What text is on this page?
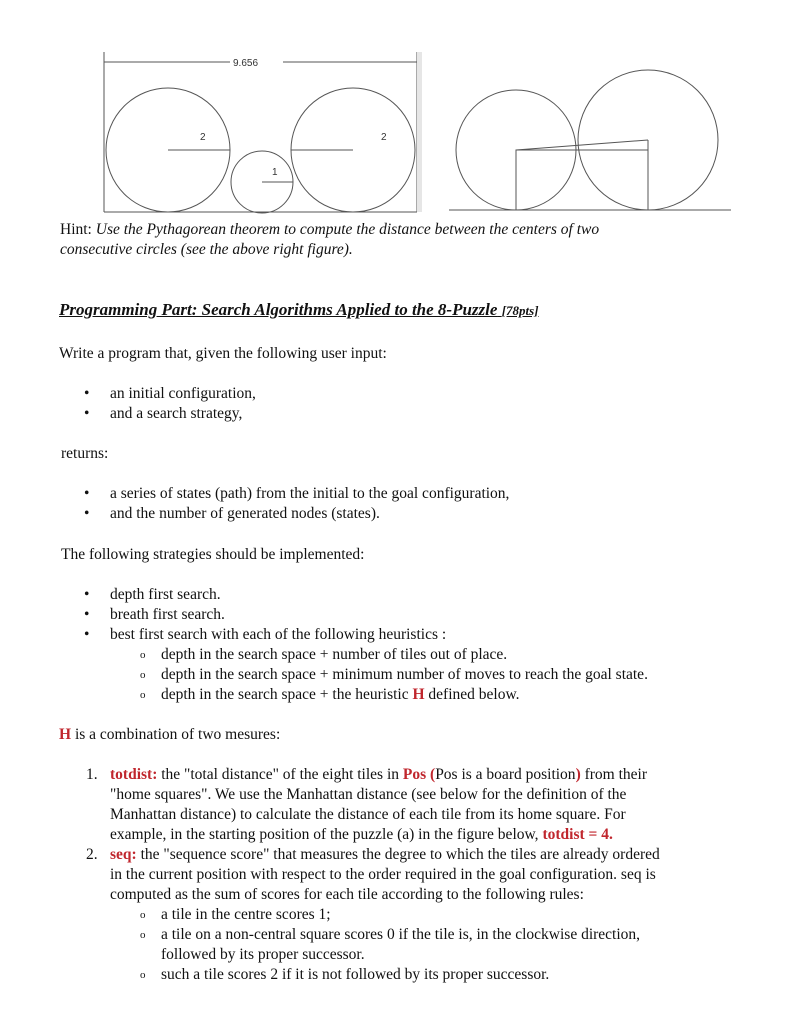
9.656
2
1
2
Hint: Use the Pythagorean theorem to compute the distance between the centers of two
consecutive circles (see the above right figure).
Programming Part: Search Algorithms Applied to the 8-Puzzle [78pts]
Write a program that, given the following user input:
• an initial configuration,
• and a search strategy,
returns:
• a series of states (path) from the initial to the goal configuration,
• and the number of generated nodes (states).
The following strategies should be implemented:
• depth first search.
• breath first search.
• best first search with each of the following heuristics :
o depth in the search space + number of tiles out of place.
o depth in the search space + minimum number of moves to reach the goal state.
o depth in the search space + the heuristic H defined below.
H is a combination of two mesures:
1. totdist: the "total distance" of the eight tiles in Pos (Pos is a board position) from their
"home squares". We use the Manhattan distance (see below for the definition of the
Manhattan distance) to calculate the distance of each tile from its home square. For
example, in the starting position of the puzzle (a) in the figure below, totdist = 4.
2. seq: the "sequence score" that measures the degree to which the tiles are already ordered
in the current position with respect to the order required in the goal configuration. seq is
computed as the sum of scores for each tile according to the following rules:
o a tile in the centre scores 1;
o a tile on a non-central square scores 0 if the tile is, in the clockwise direction,
followed by its proper successor.
o such a tile scores 2 if it is not followed by its proper successor.
